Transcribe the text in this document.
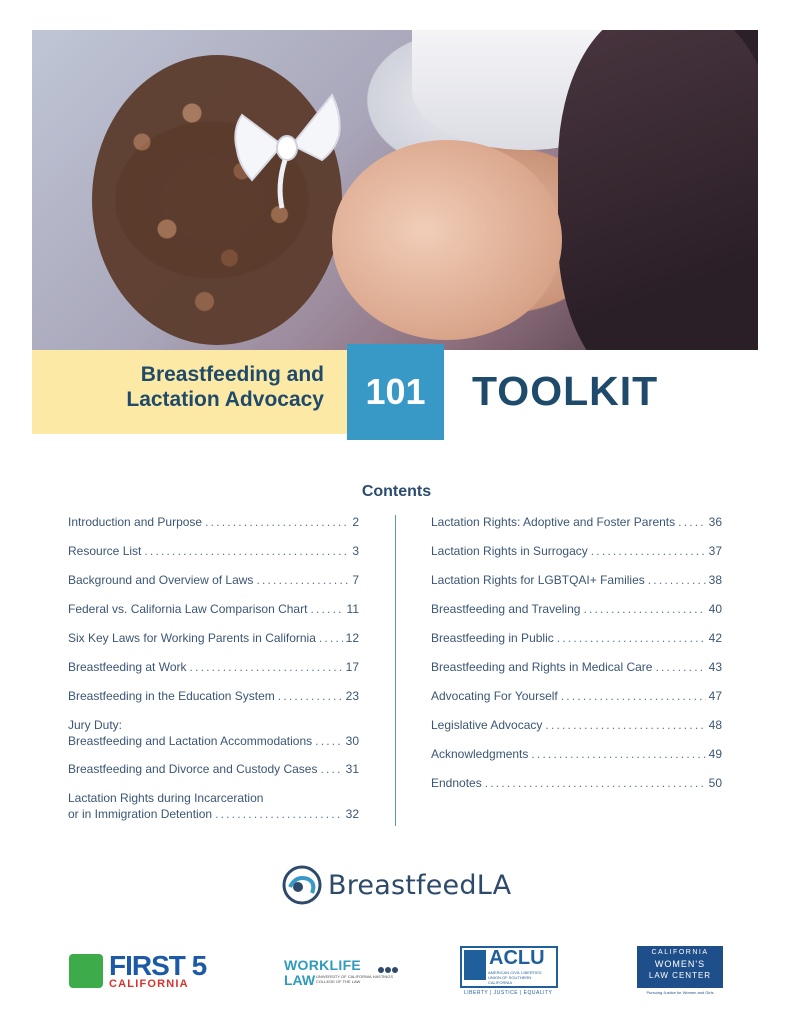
Breastfeeding and
Lactation Advocacy	101	TOOLKIT
Contents
Introduction and Purpose .....	2
Resource List .....	3
Background and Overview of Laws .....	7
Federal vs. California Law Comparison Chart .....	11
Six Key Laws for Working Parents in California ..... 12
Breastfeeding at Work .....	17
Breastfeeding in the Education System .....	23
Jury Duty:
Breastfeeding and Lactation Accommodations .....	30
Breastfeeding and Divorce and Custody Cases ..... 31
Lactation Rights during Incarceration
or in Immigration Detention .....	32
Lactation Rights: Adoptive and Foster Parents .....	36
Lactation Rights in Surrogacy .....	37
Lactation Rights for LGBTQAI+ Families .....	38
Breastfeeding and Traveling .....	40
Breastfeeding in Public .....	42
Breastfeeding and Rights in Medical Care .....	43
Advocating For Yourself .....	47
Legislative Advocacy .....	48
Acknowledgments .....	49
Endnotes .....	50
BreastfeedLA
FIRST 5
CALIFORNIA
WORKLIFE
LAW UNIVERSITY OF CALIFORNIA HASTINGS COLLEGE OF THE LAW
ACLU
AMERICAN CIVIL LIBERTIES UNION OF SOUTHERN CALIFORNIA
LIBERTY | JUSTICE | EQUALITY
CALIFORNIA
WOMEN'S
LAW CENTER
Pursuing Justice for Women and Girls
